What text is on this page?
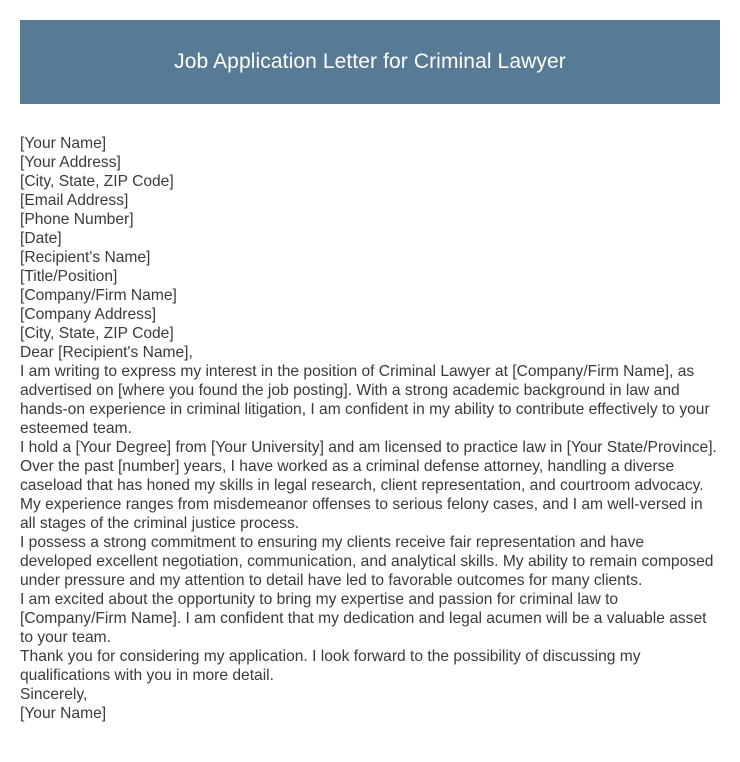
Job Application Letter for Criminal Lawyer

[Your Name]

[Your Address]

[City, State, ZIP Code]

[Email Address]

[Phone Number]

[Date]

[Recipient's Name]

[Title/Position]

[Company/Firm Name]

[Company Address]

[City, State, ZIP Code]

Dear [Recipient's Name],

I am writing to express my interest in the position of Criminal Lawyer at [Company/Firm Name], as advertised on [where you found the job posting]. With a strong academic background in law and hands-on experience in criminal litigation, I am confident in my ability to contribute effectively to your esteemed team.

I hold a [Your Degree] from [Your University] and am licensed to practice law in [Your State/Province]. Over the past [number] years, I have worked as a criminal defense attorney, handling a diverse caseload that has honed my skills in legal research, client representation, and courtroom advocacy. My experience ranges from misdemeanor offenses to serious felony cases, and I am well-versed in all stages of the criminal justice process.

I possess a strong commitment to ensuring my clients receive fair representation and have developed excellent negotiation, communication, and analytical skills. My ability to remain composed under pressure and my attention to detail have led to favorable outcomes for many clients.

I am excited about the opportunity to bring my expertise and passion for criminal law to [Company/Firm Name]. I am confident that my dedication and legal acumen will be a valuable asset to your team.

Thank you for considering my application. I look forward to the possibility of discussing my qualifications with you in more detail.

Sincerely,

[Your Name]
